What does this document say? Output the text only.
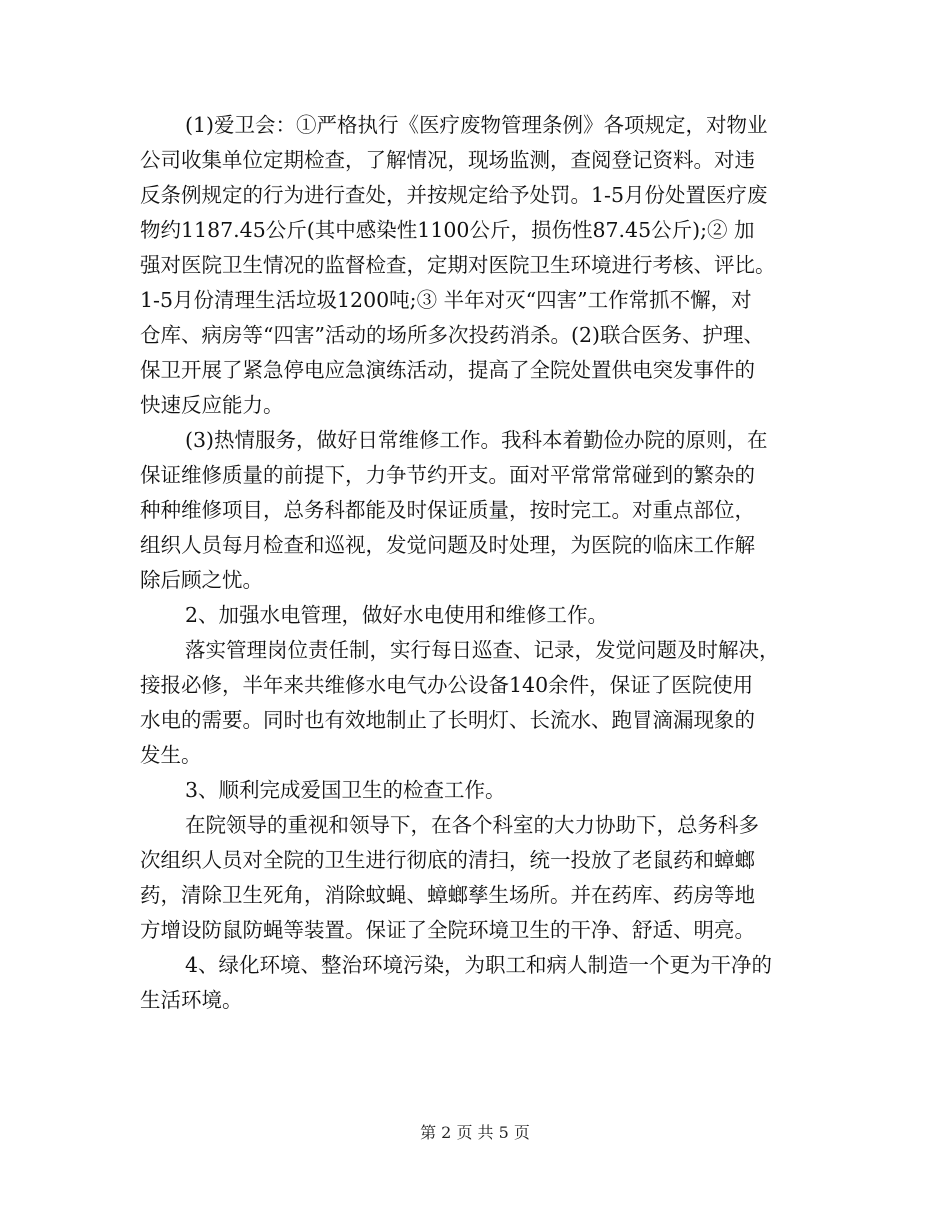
(1)爱卫会：①严格执行《医疗废物管理条例》各项规定，对物业
公司收集单位定期检查，了解情况，现场监测，查阅登记资料。对违
反条例规定的行为进行查处，并按规定给予处罚。1-5月份处置医疗废
物约1187.45公斤(其中感染性1100公斤，损伤性87.45公斤);② 加
强对医院卫生情况的监督检查，定期对医院卫生环境进行考核、评比。
1-5月份清理生活垃圾1200吨;③ 半年对灭“四害”工作常抓不懈，对
仓库、病房等“四害”活动的场所多次投药消杀。(2)联合医务、护理、
保卫开展了紧急停电应急演练活动，提高了全院处置供电突发事件的
快速反应能力。
(3)热情服务，做好日常维修工作。我科本着勤俭办院的原则，在
保证维修质量的前提下，力争节约开支。面对平常常常碰到的繁杂的
种种维修项目，总务科都能及时保证质量，按时完工。对重点部位，
组织人员每月检查和巡视，发觉问题及时处理，为医院的临床工作解
除后顾之忧。
2、加强水电管理，做好水电使用和维修工作。
落实管理岗位责任制，实行每日巡查、记录，发觉问题及时解决，
接报必修，半年来共维修水电气办公设备140余件，保证了医院使用
水电的需要。同时也有效地制止了长明灯、长流水、跑冒滴漏现象的
发生。
3、顺利完成爱国卫生的检查工作。
在院领导的重视和领导下，在各个科室的大力协助下，总务科多
次组织人员对全院的卫生进行彻底的清扫，统一投放了老鼠药和蟑螂
药，清除卫生死角，消除蚊蝇、蟑螂孳生场所。并在药库、药房等地
方增设防鼠防蝇等装置。保证了全院环境卫生的干净、舒适、明亮。
4、绿化环境、整治环境污染，为职工和病人制造一个更为干净的
生活环境。
第 2 页 共 5 页
